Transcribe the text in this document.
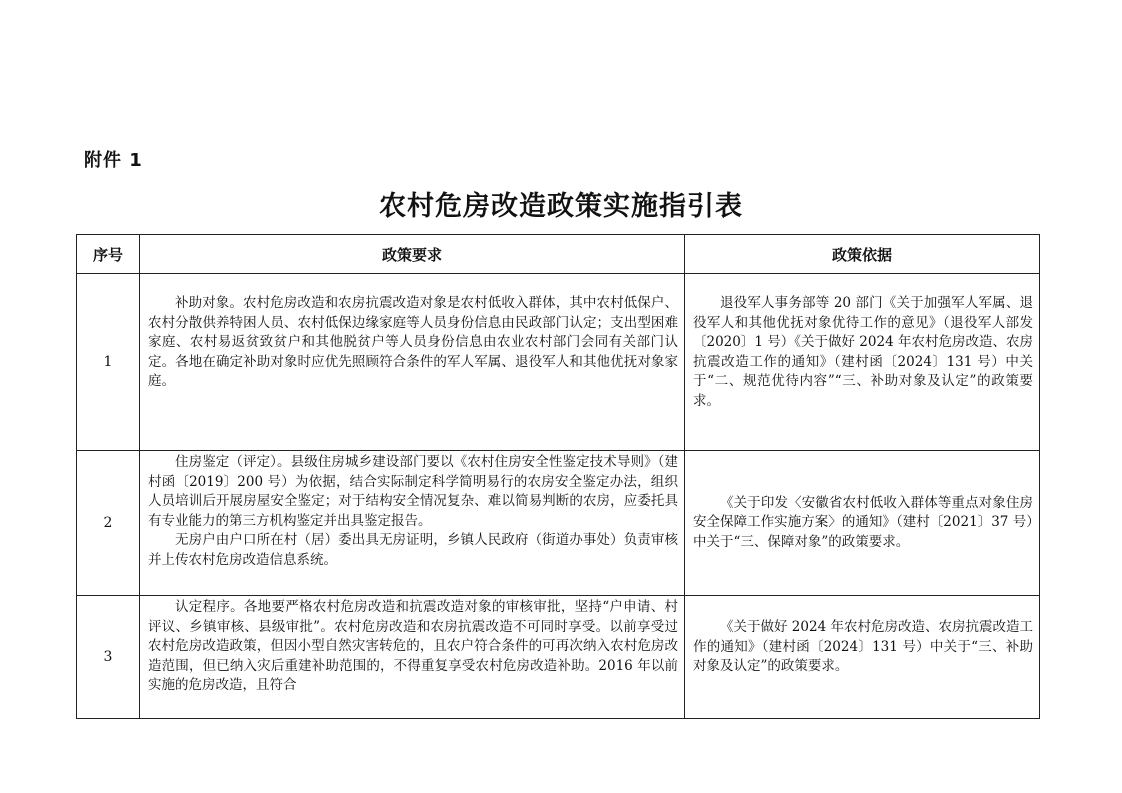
附件 1
农村危房改造政策实施指引表
序号	政策要求	政策依据
1	补助对象。农村危房改造和农房抗震改造对象是农村低收入群体，其中农村低保户、农村分散供养特困人员、农村低保边缘家庭等人员身份信息由民政部门认定；支出型困难家庭、农村易返贫致贫户和其他脱贫户等人员身份信息由农业农村部门会同有关部门认定。各地在确定补助对象时应优先照顾符合条件的军人军属、退役军人和其他优抚对象家庭。	退役军人事务部等 20 部门《关于加强军人军属、退役军人和其他优抚对象优待工作的意见》（退役军人部发〔2020〕1 号）《关于做好 2024 年农村危房改造、农房抗震改造工作的通知》（建村函〔2024〕131 号）中关于“二、规范优待内容”“三、补助对象及认定”的政策要求。

2	住房鉴定（评定）。县级住房城乡建设部门要以《农村住房安全性鉴定技术导则》（建村函〔2019〕200 号）为依据，结合实际制定科学简明易行的农房安全鉴定办法，组织人员培训后开展房屋安全鉴定；对于结构安全情况复杂、难以简易判断的农房，应委托具有专业能力的第三方机构鉴定并出具鉴定报告。
无房户由户口所在村（居）委出具无房证明，乡镇人民政府（街道办事处）负责审核并上传农村危房改造信息系统。	《关于印发〈安徽省农村低收入群体等重点对象住房安全保障工作实施方案〉的通知》（建村〔2021〕37 号）中关于“三、保障对象”的政策要求。

3	认定程序。各地要严格农村危房改造和抗震改造对象的审核审批，坚持“户申请、村评议、乡镇审核、县级审批”。农村危房改造和农房抗震改造不可同时享受。以前享受过农村危房改造政策，但因小型自然灾害转危的，且农户符合条件的可再次纳入农村危房改造范围，但已纳入灾后重建补助范围的，不得重复享受农村危房改造补助。2016 年以前实施的危房改造，且符合	《关于做好 2024 年农村危房改造、农房抗震改造工作的通知》（建村函〔2024〕131 号）中关于“三、补助对象及认定”的政策要求。
